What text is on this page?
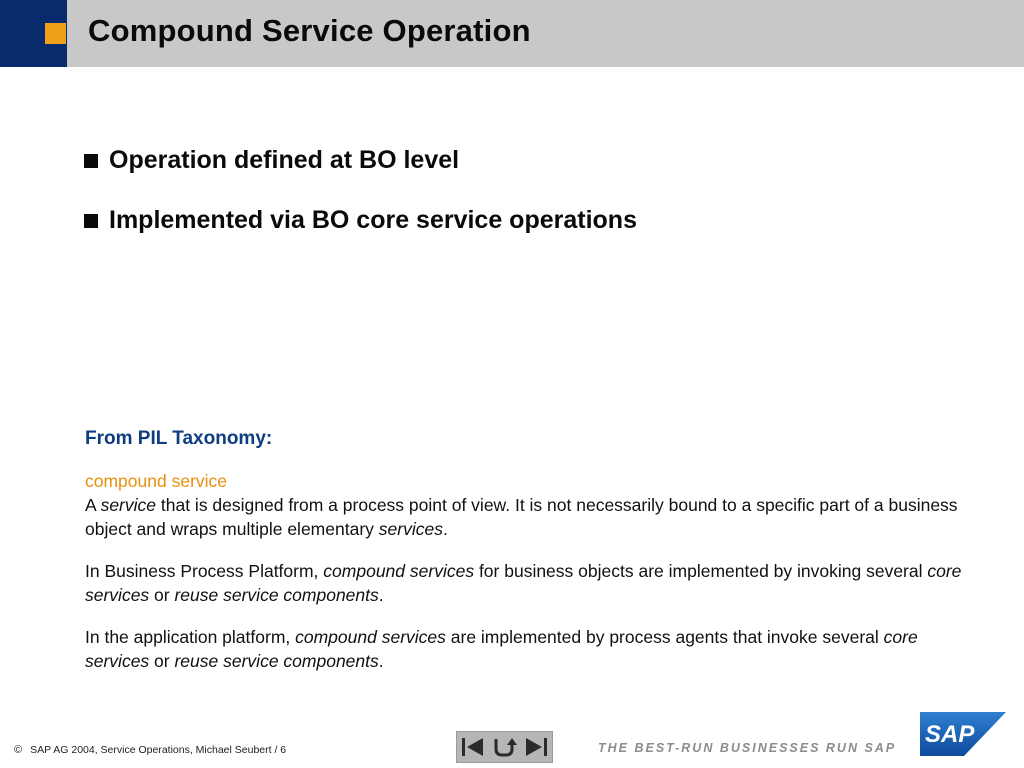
Compound Service Operation
Operation defined at BO level
Implemented via BO core service operations
From PIL Taxonomy:
compound service
A service that is designed from a process point of view. It is not necessarily bound to a specific part of a business object and wraps multiple elementary services.
In Business Process Platform, compound services for business objects are implemented by invoking several core services or reuse service components.
In the application platform, compound services are implemented by process agents that invoke several core services or reuse service components.
© SAP AG 2004, Service Operations, Michael Seubert / 6	THE BEST-RUN BUSINESSES RUN SAP SAP
®
